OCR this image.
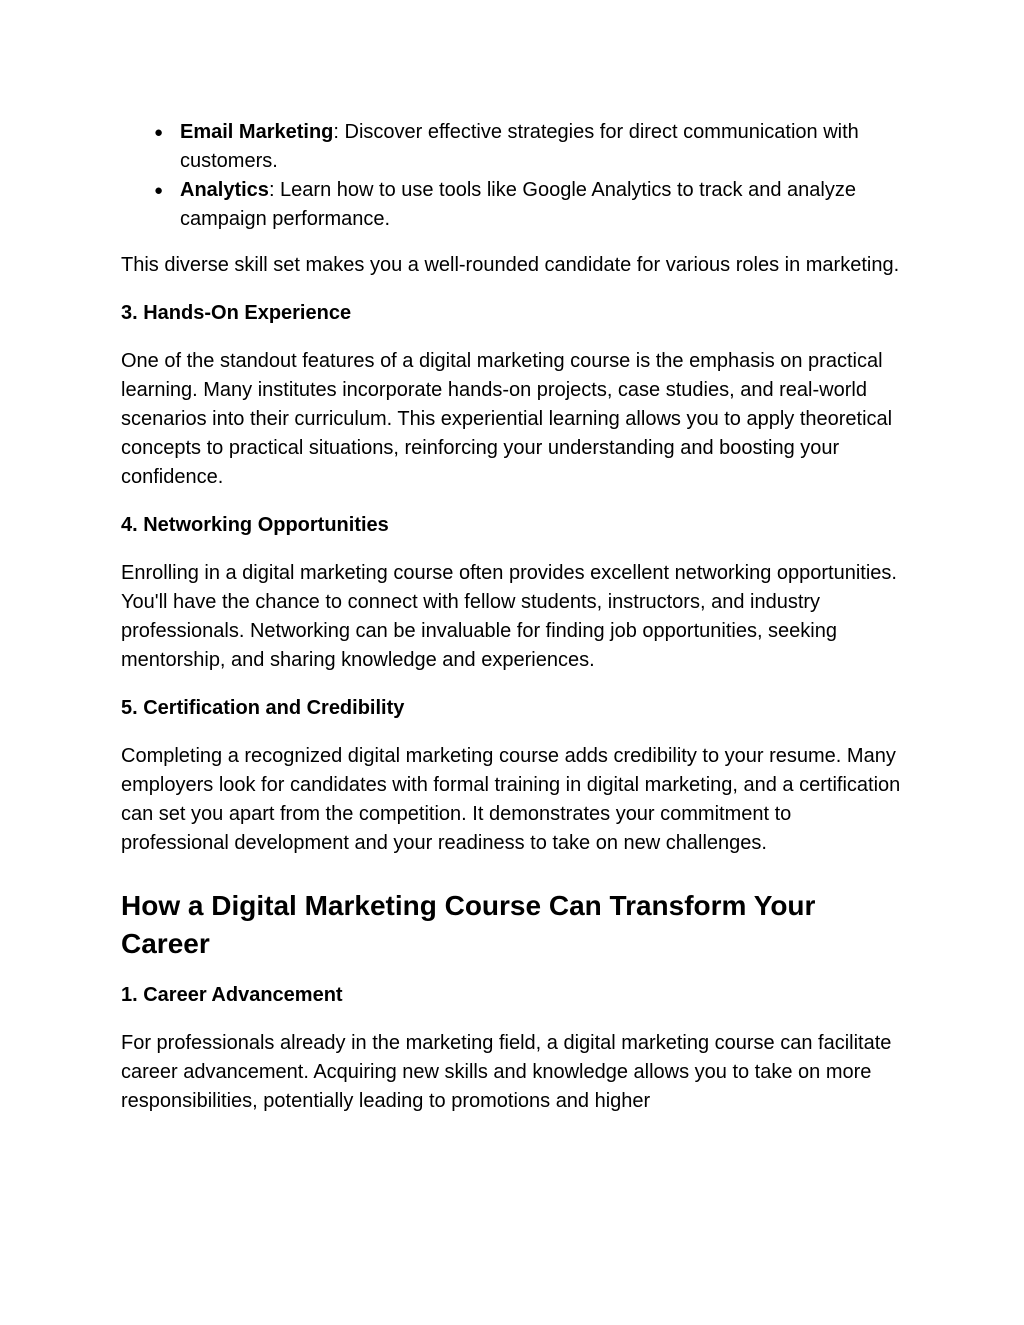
● Email Marketing: Discover effective strategies for direct communication with customers.
● Analytics: Learn how to use tools like Google Analytics to track and analyze campaign performance.

This diverse skill set makes you a well-rounded candidate for various roles in marketing.

3. Hands-On Experience

One of the standout features of a digital marketing course is the emphasis on practical learning. Many institutes incorporate hands-on projects, case studies, and real-world scenarios into their curriculum. This experiential learning allows you to apply theoretical concepts to practical situations, reinforcing your understanding and boosting your confidence.

4. Networking Opportunities

Enrolling in a digital marketing course often provides excellent networking opportunities. You'll have the chance to connect with fellow students, instructors, and industry professionals. Networking can be invaluable for finding job opportunities, seeking mentorship, and sharing knowledge and experiences.

5. Certification and Credibility

Completing a recognized digital marketing course adds credibility to your resume. Many employers look for candidates with formal training in digital marketing, and a certification can set you apart from the competition. It demonstrates your commitment to professional development and your readiness to take on new challenges.

How a Digital Marketing Course Can Transform Your Career
1. Career Advancement

For professionals already in the marketing field, a digital marketing course can facilitate career advancement. Acquiring new skills and knowledge allows you to take on more responsibilities, potentially leading to promotions and higher
